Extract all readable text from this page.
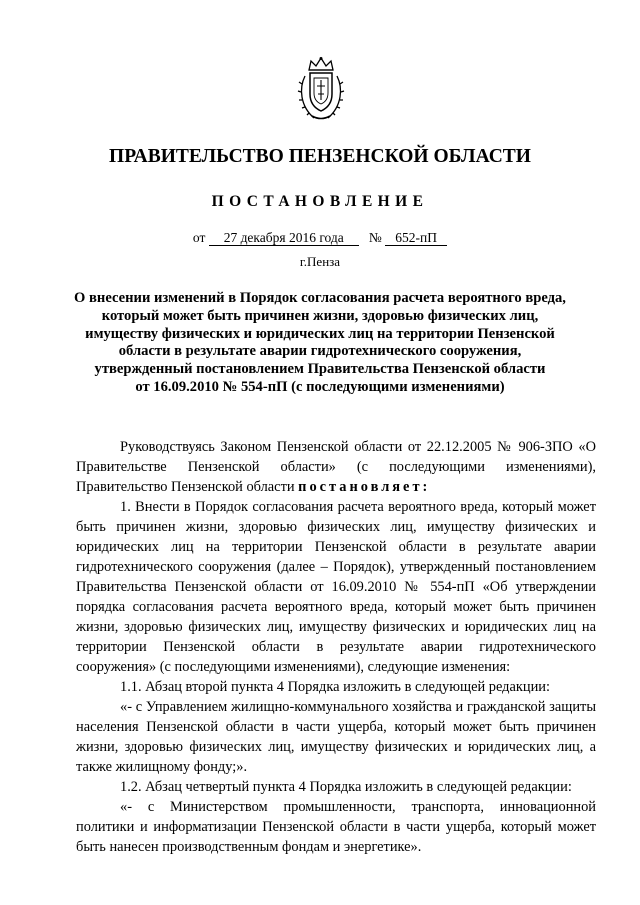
ПРАВИТЕЛЬСТВО ПЕНЗЕНСКОЙ ОБЛАСТИ
ПОСТАНОВЛЕНИЕ
от 27 декабря 2016 года № 652-пП
г.Пенза
О внесении изменений в Порядок согласования расчета вероятного вреда,
который может быть причинен жизни, здоровью физических лиц,
имуществу физических и юридических лиц на территории Пензенской
области в результате аварии гидротехнического сооружения,
утвержденный постановлением Правительства Пензенской области
от 16.09.2010 № 554-пП (с последующими изменениями)

Руководствуясь Законом Пензенской области от 22.12.2005 № 906-ЗПО «О Правительстве Пензенской области» (с последующими изменениями), Правительство Пензенской области постановляет:

1. Внести в Порядок согласования расчета вероятного вреда, который может быть причинен жизни, здоровью физических лиц, имуществу физических и юридических лиц на территории Пензенской области в результате аварии гидротехнического сооружения (далее – Порядок), утвержденный постановлением Правительства Пензенской области от 16.09.2010 № 554-пП «Об утверждении порядка согласования расчета вероятного вреда, который может быть причинен жизни, здоровью физических лиц, имуществу физических и юридических лиц на территории Пензенской области в результате аварии гидротехнического сооружения» (с последующими изменениями), следующие изменения:

1.1. Абзац второй пункта 4 Порядка изложить в следующей редакции:

«- с Управлением жилищно-коммунального хозяйства и гражданской защиты населения Пензенской области в части ущерба, который может быть причинен жизни, здоровью физических лиц, имуществу физических и юридических лиц, а также жилищному фонду;».

1.2. Абзац четвертый пункта 4 Порядка изложить в следующей редакции:

«- с Министерством промышленности, транспорта, инновационной политики и информатизации Пензенской области в части ущерба, который может быть нанесен производственным фондам и энергетике».
